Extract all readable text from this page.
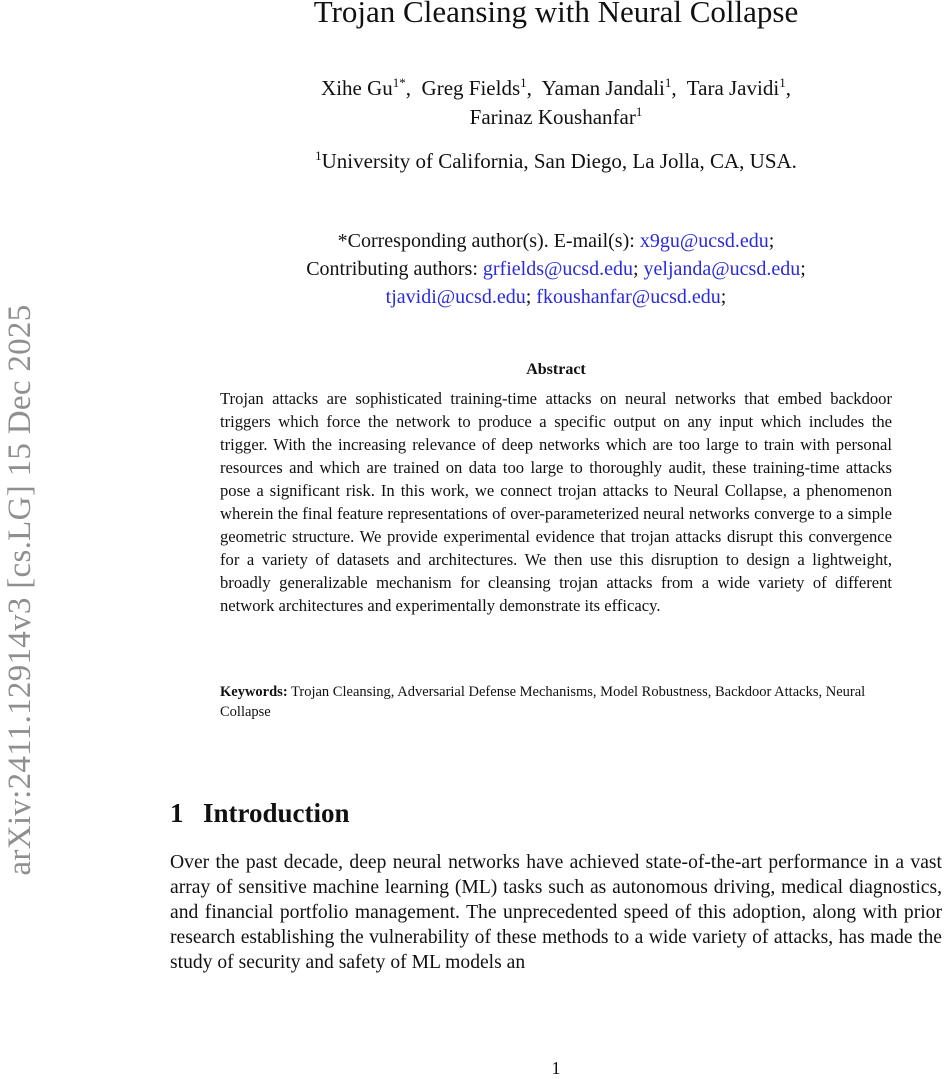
arXiv:2411.12914v3 [cs.LG] 15 Dec 2025
Trojan Cleansing with Neural Collapse
Xihe $Gu^{1*}$,  Greg Fields$^1$,  Yaman Jandali$^1$,  Tara Javidi$^1$,
Farinaz Koushanfar$^1$
$^1$University of California, San Diego, La Jolla, CA, USA.
*Corresponding author(s). E-mail(s): x9gu@ucsd.edu;
Contributing authors: grfields@ucsd.edu; yeljanda@ucsd.edu;
tjavidi@ucsd.edu; fkoushanfar@ucsd.edu;
Abstract
Trojan attacks are sophisticated training-time attacks on neural networks that embed backdoor triggers which force the network to produce a specific output on any input which includes the trigger. With the increasing relevance of deep networks which are too large to train with personal resources and which are trained on data too large to thoroughly audit, these training-time attacks pose a significant risk. In this work, we connect trojan attacks to Neural Collapse, a phenomenon wherein the final feature representations of over-parameterized neural networks converge to a simple geometric structure. We provide experimental evidence that trojan attacks disrupt this convergence for a variety of datasets and architectures. We then use this disruption to design a lightweight, broadly generalizable mechanism for cleansing trojan attacks from a wide variety of different network architectures and experimentally demonstrate its efficacy.
Keywords: Trojan Cleansing, Adversarial Defense Mechanisms, Model Robustness, Backdoor Attacks, Neural Collapse
1 Introduction
Over the past decade, deep neural networks have achieved state-of-the-art performance in a vast array of sensitive machine learning (ML) tasks such as autonomous driving, medical diagnostics, and financial portfolio management. The unprecedented speed of this adoption, along with prior research establishing the vulnerability of these methods to a wide variety of attacks, has made the study of security and safety of ML models an
1
